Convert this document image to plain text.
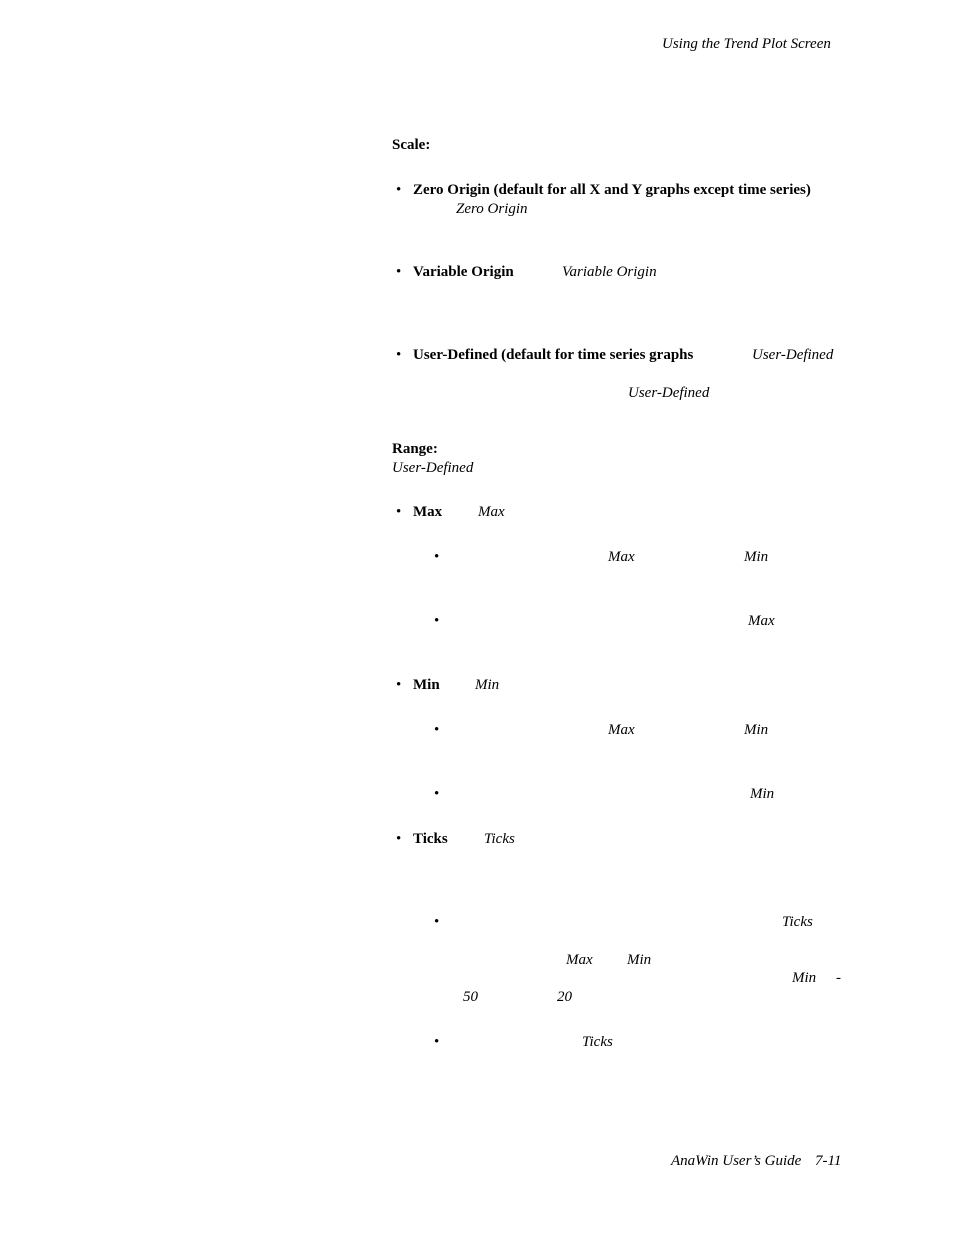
Using the Trend Plot Screen
Scale:
• Zero Origin (default for all X and Y graphs except time series)
Zero Origin
• Variable Origin	Variable Origin
• User-Defined (default for time series graphs	User-Defined
User-Defined
Range:
User-Defined
• Max Max
•	Max	Min
•	Max
• Min Min
•	Max	Min
•	Min
• Ticks Ticks
•	Ticks
Max Min
Min -
50	20
•	Ticks
AnaWin User’s Guide 7-11
